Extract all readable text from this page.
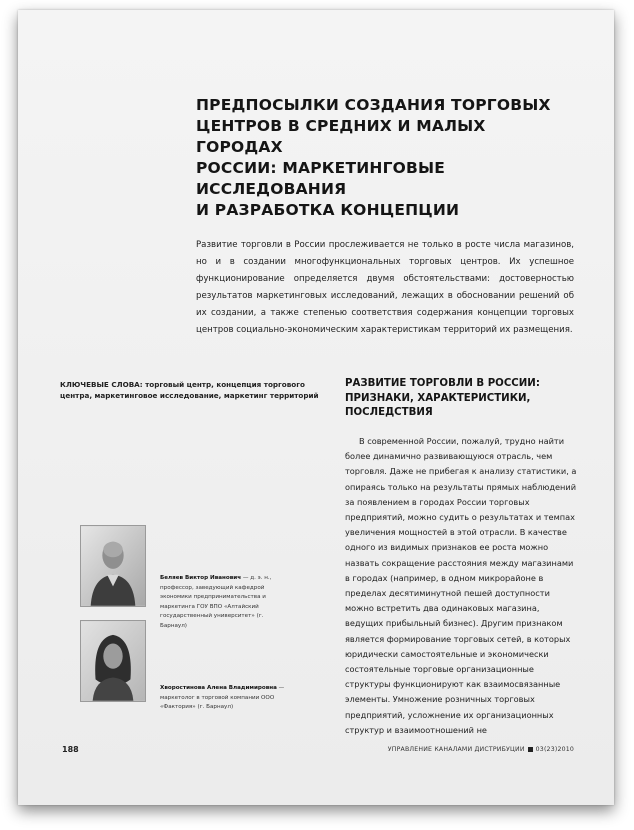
ПРЕДПОСЫЛКИ СОЗДАНИЯ ТОРГОВЫХ
ЦЕНТРОВ В СРЕДНИХ И МАЛЫХ ГОРОДАХ
РОССИИ: МАРКЕТИНГОВЫЕ ИССЛЕДОВАНИЯ
И РАЗРАБОТКА КОНЦЕПЦИИ
Развитие торговли в России прослеживается не только в росте числа магазинов, но и в создании многофункциональных торговых центров. Их успешное функционирование определяется двумя обстоятельствами: достоверностью результатов маркетинговых исследований, лежащих в обосновании решений об их создании, а также степенью соответствия содержания концепции торговых центров социально-экономическим характеристикам территорий их размещения.
КЛЮЧЕВЫЕ СЛОВА: торговый центр, концепция торгового центра, маркетинговое исследование, маркетинг территорий
РАЗВИТИЕ ТОРГОВЛИ В РОССИИ:
ПРИЗНАКИ, ХАРАКТЕРИСТИКИ,
ПОСЛЕДСТВИЯ
В современной России, пожалуй, трудно найти более динамично развивающуюся отрасль, чем торговля. Даже не прибегая к анализу статистики, а опираясь только на результаты прямых наблюдений за появлением в городах России торговых предприятий, можно судить о результатах и темпах увеличения мощностей в этой отрасли. В качестве одного из видимых признаков ее роста можно назвать сокращение расстояния между магазинами в городах (например, в одном микрорайоне в пределах десятиминутной пешей доступности можно встретить два одинаковых магазина, ведущих прибыльный бизнес). Другим признаком является формирование торговых сетей, в которых юридически самостоятельные и экономически состоятельные торговые организационные структуры функционируют как взаимосвязанные элементы. Умножение розничных торговых предприятий, усложнение их организационных структур и взаимоотношений не
Беляев Виктор Иванович — д. э. н., профессор, заведующий кафедрой экономики предпринимательства и маркетинга ГОУ ВПО «Алтайский государственный университет» (г. Барнаул)
Хворостинова Алена Владимировна — маркетолог в торговой компании ООО «Фактория» (г. Барнаул)
188	УПРАВЛЕНИЕ КАНАЛАМИ ДИСТРИБУЦИИ 03(23)2010
